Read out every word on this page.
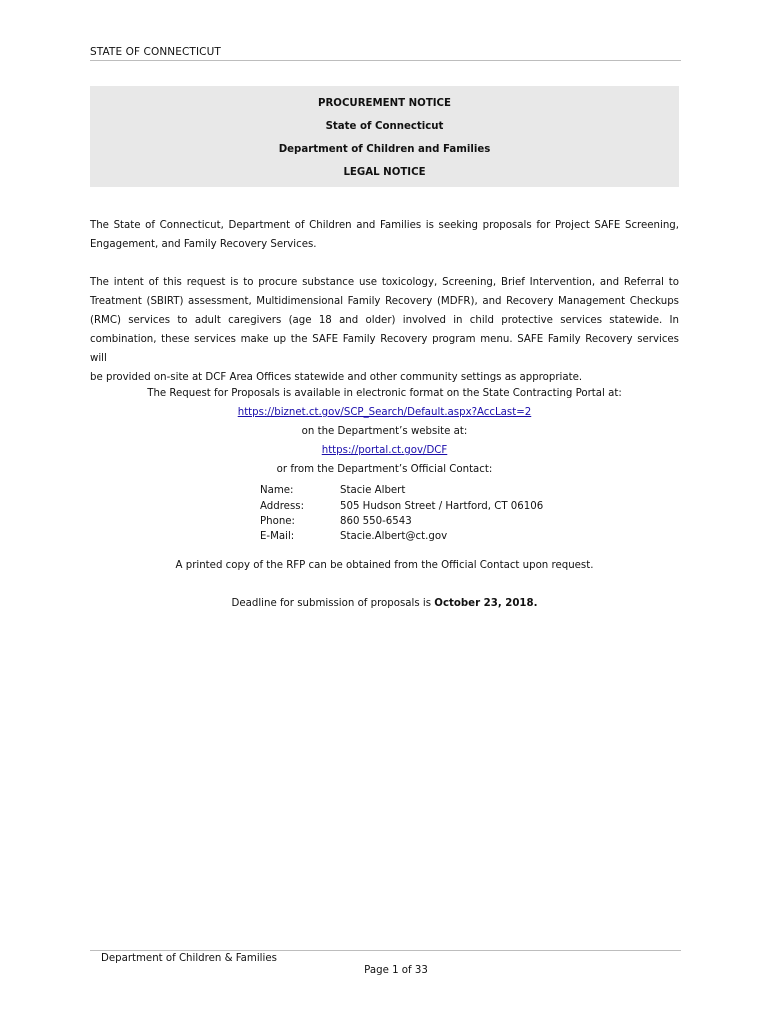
STATE OF CONNECTICUT
PROCUREMENT NOTICE
State of Connecticut
Department of Children and Families
LEGAL NOTICE
The State of Connecticut, Department of Children and Families is seeking proposals for Project SAFE Screening,
Engagement, and Family Recovery Services.
The intent of this request is to procure substance use toxicology, Screening, Brief Intervention, and Referral to
Treatment (SBIRT) assessment, Multidimensional Family Recovery (MDFR), and Recovery Management Checkups
(RMC) services to adult caregivers (age 18 and older) involved in child protective services statewide. In
combination, these services make up the SAFE Family Recovery program menu. SAFE Family Recovery services will
be provided on-site at DCF Area Offices statewide and other community settings as appropriate.
The Request for Proposals is available in electronic format on the State Contracting Portal at:
https://biznet.ct.gov/SCP_Search/Default.aspx?AccLast=2
on the Department’s website at:
https://portal.ct.gov/DCF
or from the Department’s Official Contact:
Name:	Stacie Albert
Address:	505 Hudson Street / Hartford, CT 06106
Phone:	860 550-6543
E-Mail:	Stacie.Albert@ct.gov
A printed copy of the RFP can be obtained from the Official Contact upon request.
Deadline for submission of proposals is October 23, 2018.
Department of Children & Families
Page 1 of 33
